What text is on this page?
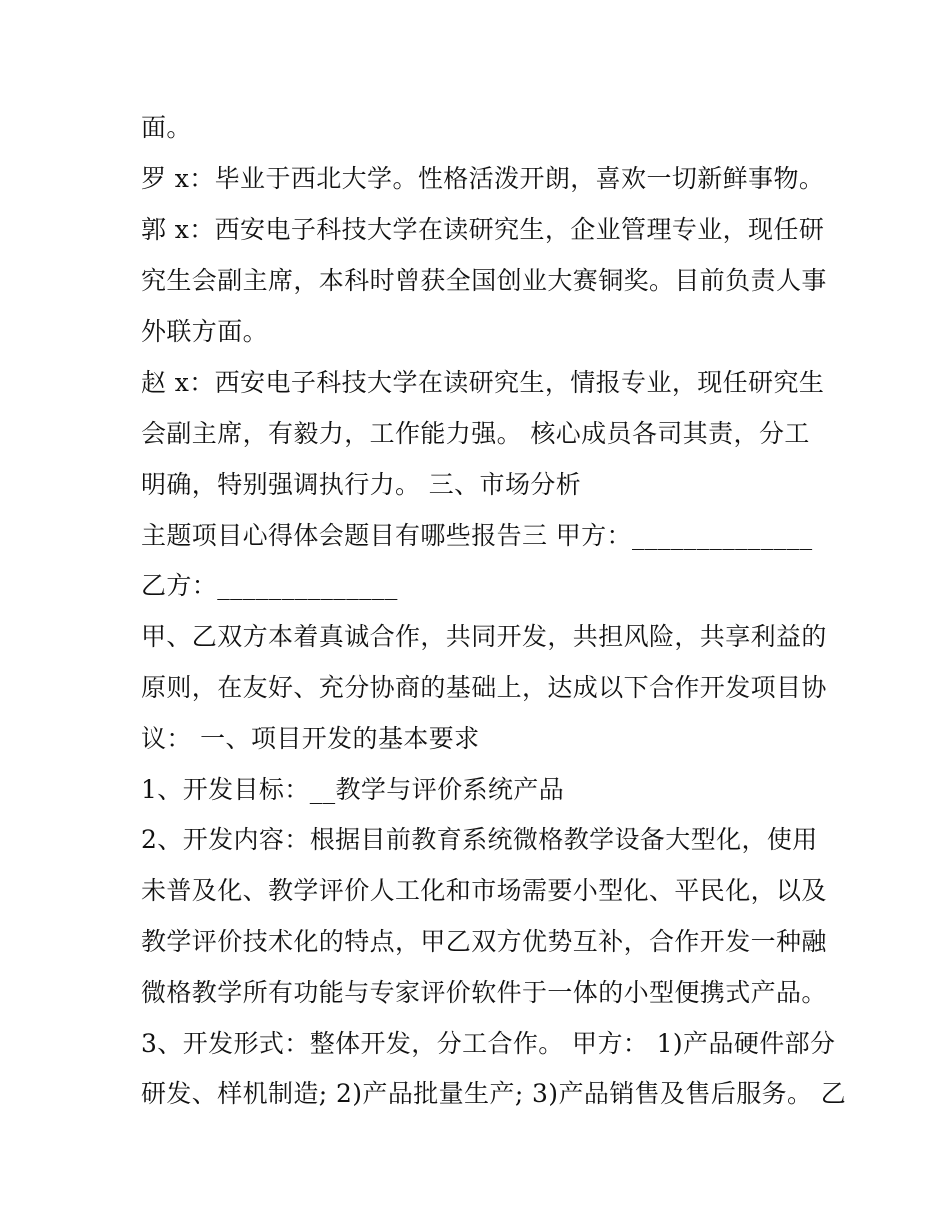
面。
罗 x：毕业于西北大学。性格活泼开朗，喜欢一切新鲜事物。
郭 x：西安电子科技大学在读研究生，企业管理专业，现任研
究生会副主席，本科时曾获全国创业大赛铜奖。目前负责人事
外联方面。
赵 x：西安电子科技大学在读研究生，情报专业，现任研究生
会副主席，有毅力，工作能力强。 核心成员各司其责，分工
明确，特别强调执行力。 三、市场分析
主题项目心得体会题目有哪些报告三 甲方：______________
乙方：______________
甲、乙双方本着真诚合作，共同开发，共担风险，共享利益的
原则，在友好、充分协商的基础上，达成以下合作开发项目协
议： 一、项目开发的基本要求
1、开发目标：__教学与评价系统产品
2、开发内容：根据目前教育系统微格教学设备大型化，使用
未普及化、教学评价人工化和市场需要小型化、平民化，以及
教学评价技术化的特点，甲乙双方优势互补，合作开发一种融
微格教学所有功能与专家评价软件于一体的小型便携式产品。
3、开发形式：整体开发，分工合作。 甲方： 1)产品硬件部分
研发、样机制造; 2)产品批量生产; 3)产品销售及售后服务。 乙
